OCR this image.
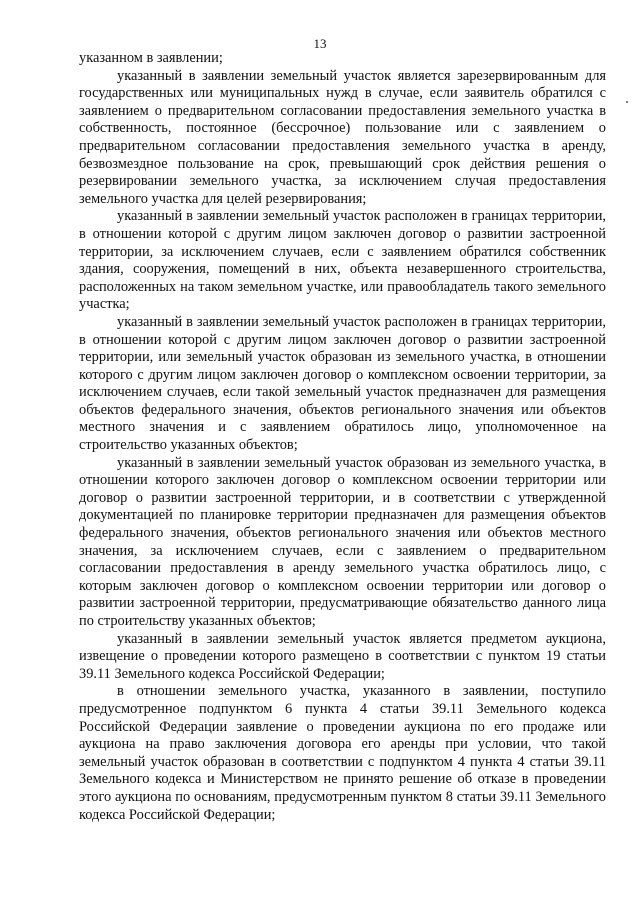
13

указанном в заявлении;

указанный в заявлении земельный участок является зарезервированным для государственных или муниципальных нужд в случае, если заявитель обратился с заявлением о предварительном согласовании предоставления земельного участка в собственность, постоянное (бессрочное) пользование или с заявлением о предварительном согласовании предоставления земельного участка в аренду, безвозмездное пользование на срок, превышающий срок действия решения о резервировании земельного участка, за исключением случая предоставления земельного участка для целей резервирования;

указанный в заявлении земельный участок расположен в границах территории, в отношении которой с другим лицом заключен договор о развитии застроенной территории, за исключением случаев, если с заявлением обратился собственник здания, сооружения, помещений в них, объекта незавершенного строительства, расположенных на таком земельном участке, или правообладатель такого земельного участка;

указанный в заявлении земельный участок расположен в границах территории, в отношении которой с другим лицом заключен договор о развитии застроенной территории, или земельный участок образован из земельного участка, в отношении которого с другим лицом заключен договор о комплексном освоении территории, за исключением случаев, если такой земельный участок предназначен для размещения объектов федерального значения, объектов регионального значения или объектов местного значения и с заявлением обратилось лицо, уполномоченное на строительство указанных объектов;

указанный в заявлении земельный участок образован из земельного участка, в отношении которого заключен договор о комплексном освоении территории или договор о развитии застроенной территории, и в соответствии с утвержденной документацией по планировке территории предназначен для размещения объектов федерального значения, объектов регионального значения или объектов местного значения, за исключением случаев, если с заявлением о предварительном согласовании предоставления в аренду земельного участка обратилось лицо, с которым заключен договор о комплексном освоении территории или договор о развитии застроенной территории, предусматривающие обязательство данного лица по строительству указанных объектов;

указанный в заявлении земельный участок является предметом аукциона, извещение о проведении которого размещено в соответствии с пунктом 19 статьи 39.11 Земельного кодекса Российской Федерации;

в отношении земельного участка, указанного в заявлении, поступило предусмотренное подпунктом 6 пункта 4 статьи 39.11 Земельного кодекса Российской Федерации заявление о проведении аукциона по его продаже или аукциона на право заключения договора его аренды при условии, что такой земельный участок образован в соответствии с подпунктом 4 пункта 4 статьи 39.11 Земельного кодекса и Министерством не принято решение об отказе в проведении этого аукциона по основаниям, предусмотренным пунктом 8 статьи 39.11 Земельного кодекса Российской Федерации;
